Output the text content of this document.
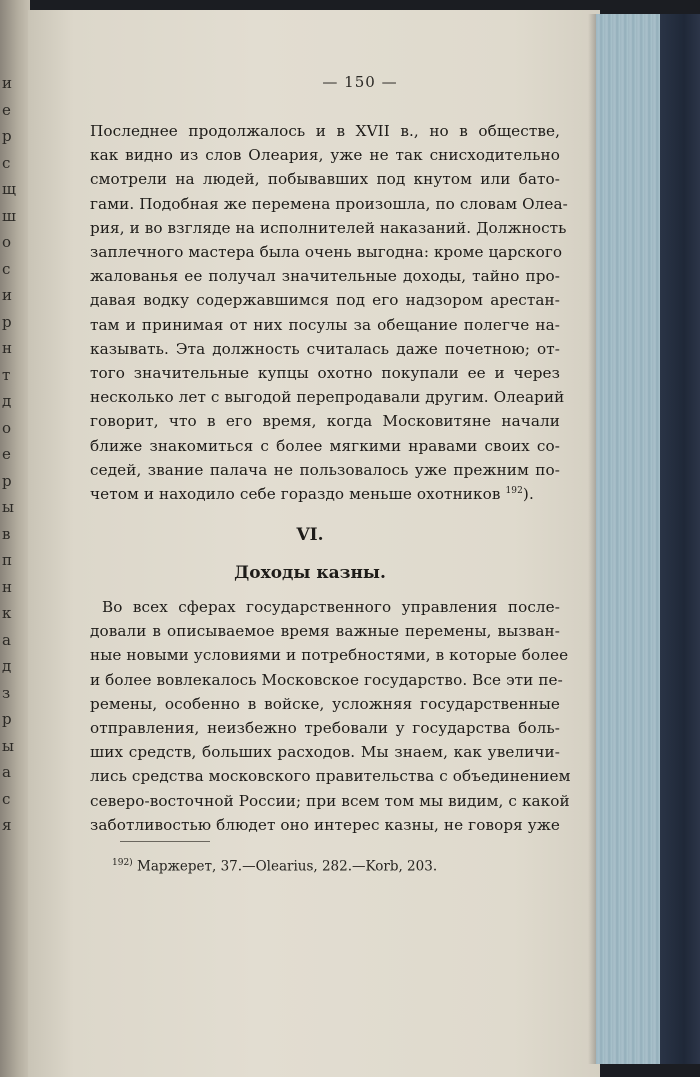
и
е
р
с
щ
ш
о
с
и
р
н
т
д
о
е
р
ы
в
п
н
к
а
д
з
р
ы
а
с
я
— 150 —
Последнее продолжалось и в XVII в., но в обществе,
как видно из слов Олеария, уже не так снисходительно
смотрели на людей, побывавших под кнутом или бато-
гами. Подобная же перемена произошла, по словам Олеа-
рия, и во взгляде на исполнителей наказаний. Должность
заплечного мастера была очень выгодна: кроме царского
жалованья ее получал значительные доходы, тайно про-
давая водку содержавшимся под его надзором арестан-
там и принимая от них посулы за обещание полегче на-
казывать. Эта должность считалась даже почетною; от-
того значительные купцы охотно покупали ее и через
несколько лет с выгодой перепродавали другим. Олеарий
говорит, что в его время, когда Московитяне начали
ближе знакомиться с более мягкими нравами своих со-
седей, звание палача не пользовалось уже прежним по-
четом и находило себе гораздо меньше охотников $^{192}$).
VI.
Доходы казны.
Во всех сферах государственного управления после-
довали в описываемое время важные перемены, вызван-
ные новыми условиями и потребностями, в которые более
и более вовлекалось Московское государство. Все эти пе-
ремены, особенно в войске, усложняя государственные
отправления, неизбежно требовали у государства боль-
ших средств, больших расходов. Мы знаем, как увеличи-
лись средства московского правительства с объединением
северо-восточной России; при всем том мы видим, с какой
заботливостью блюдет оно интерес казны, не говоря уже
$^{192)}$ Маржерет, 37.—Olearius, 282.—Korb, 203.
